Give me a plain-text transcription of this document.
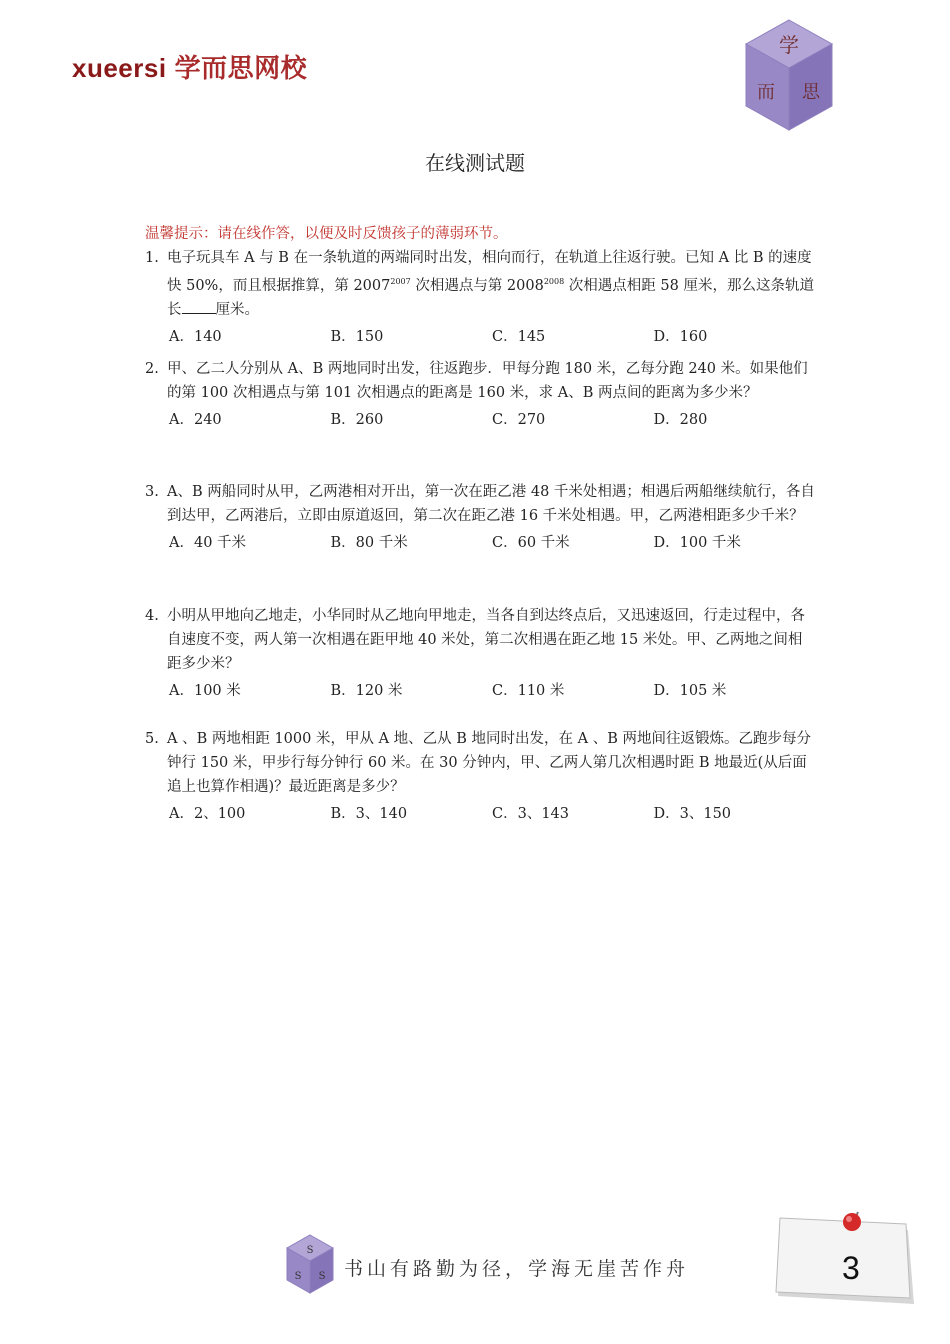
xueersi 学而思网校
学
而 思
在线测试题
温馨提示：请在线作答，以便及时反馈孩子的薄弱环节。
1. 电子玩具车 A 与 B 在一条轨道的两端同时出发，相向而行，在轨道上往返行驶。已知 A 比 B 的速度快 50%，而且根据推算，第 $2007^{2007}$ 次相遇点与第 $2008^{2008}$ 次相遇点相距 58 厘米，那么这条轨道长 厘米。
A．140	B．150	C．145	D．160
2. 甲、乙二人分别从 A、B 两地同时出发，往返跑步．甲每分跑 180 米，乙每分跑 240 米。如果他们的第 100 次相遇点与第 101 次相遇点的距离是 160 米，求 A、B 两点间的距离为多少米？
A．240	B．260	C．270	D．280
3. A、B 两船同时从甲，乙两港相对开出，第一次在距乙港 48 千米处相遇；相遇后两船继续航行，各自到达甲，乙两港后，立即由原道返回，第二次在距乙港 16 千米处相遇。甲，乙两港相距多少千米？
A．40 千米	B．80 千米	C．60 千米	D．100 千米
4. 小明从甲地向乙地走，小华同时从乙地向甲地走，当各自到达终点后，又迅速返回，行走过程中，各自速度不变，两人第一次相遇在距甲地 40 米处，第二次相遇在距乙地 15 米处。甲、乙两地之间相距多少米？
A．100 米	B．120 米	C．110 米	D．105 米
5. A 、B 两地相距 1000 米，甲从 A 地、乙从 B 地同时出发，在 A 、B 两地间往返锻炼。乙跑步每分钟行 150 米，甲步行每分钟行 60 米。在 30 分钟内，甲、乙两人第几次相遇时距 B 地最近(从后面追上也算作相遇)？最近距离是多少？
A．2、100	B．3、140	C．3、143	D．3、150
S
S S 书山有路勤为径，学海无崖苦作舟	3
